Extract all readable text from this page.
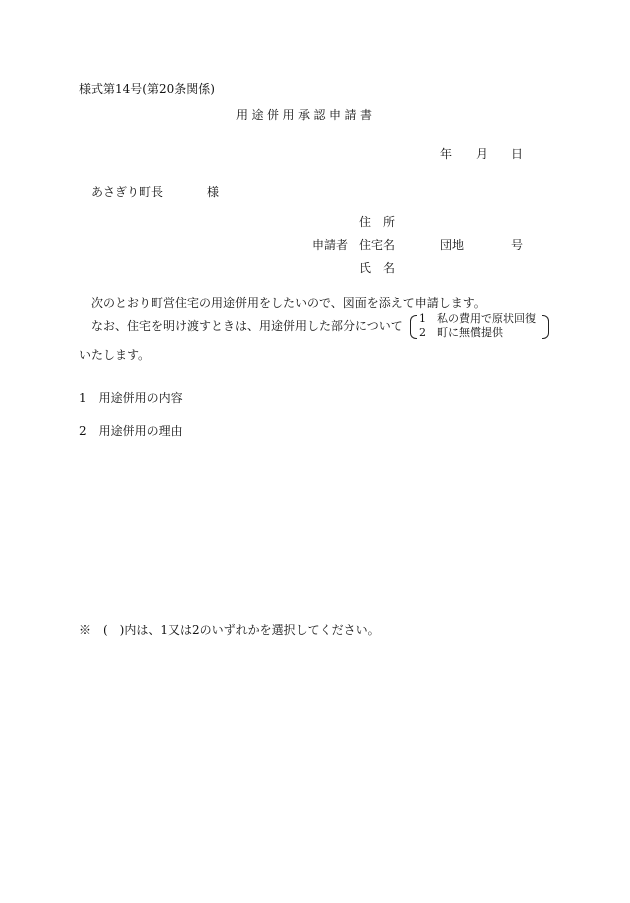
様式第14号(第20条関係)
用途併用承認申請書
年 月 日
あさぎり町長	様
住　所
申請者 住宅名	団地	号
氏　名
次のとおり町営住宅の用途併用をしたいので、図面を添えて申請します。
なお、住宅を明け渡すときは、用途併用した部分について
1　私の費用で原状回復
2　町に無償提供
いたします。
1　用途併用の内容
2　用途併用の理由
※　(　)内は、1又は2のいずれかを選択してください。
